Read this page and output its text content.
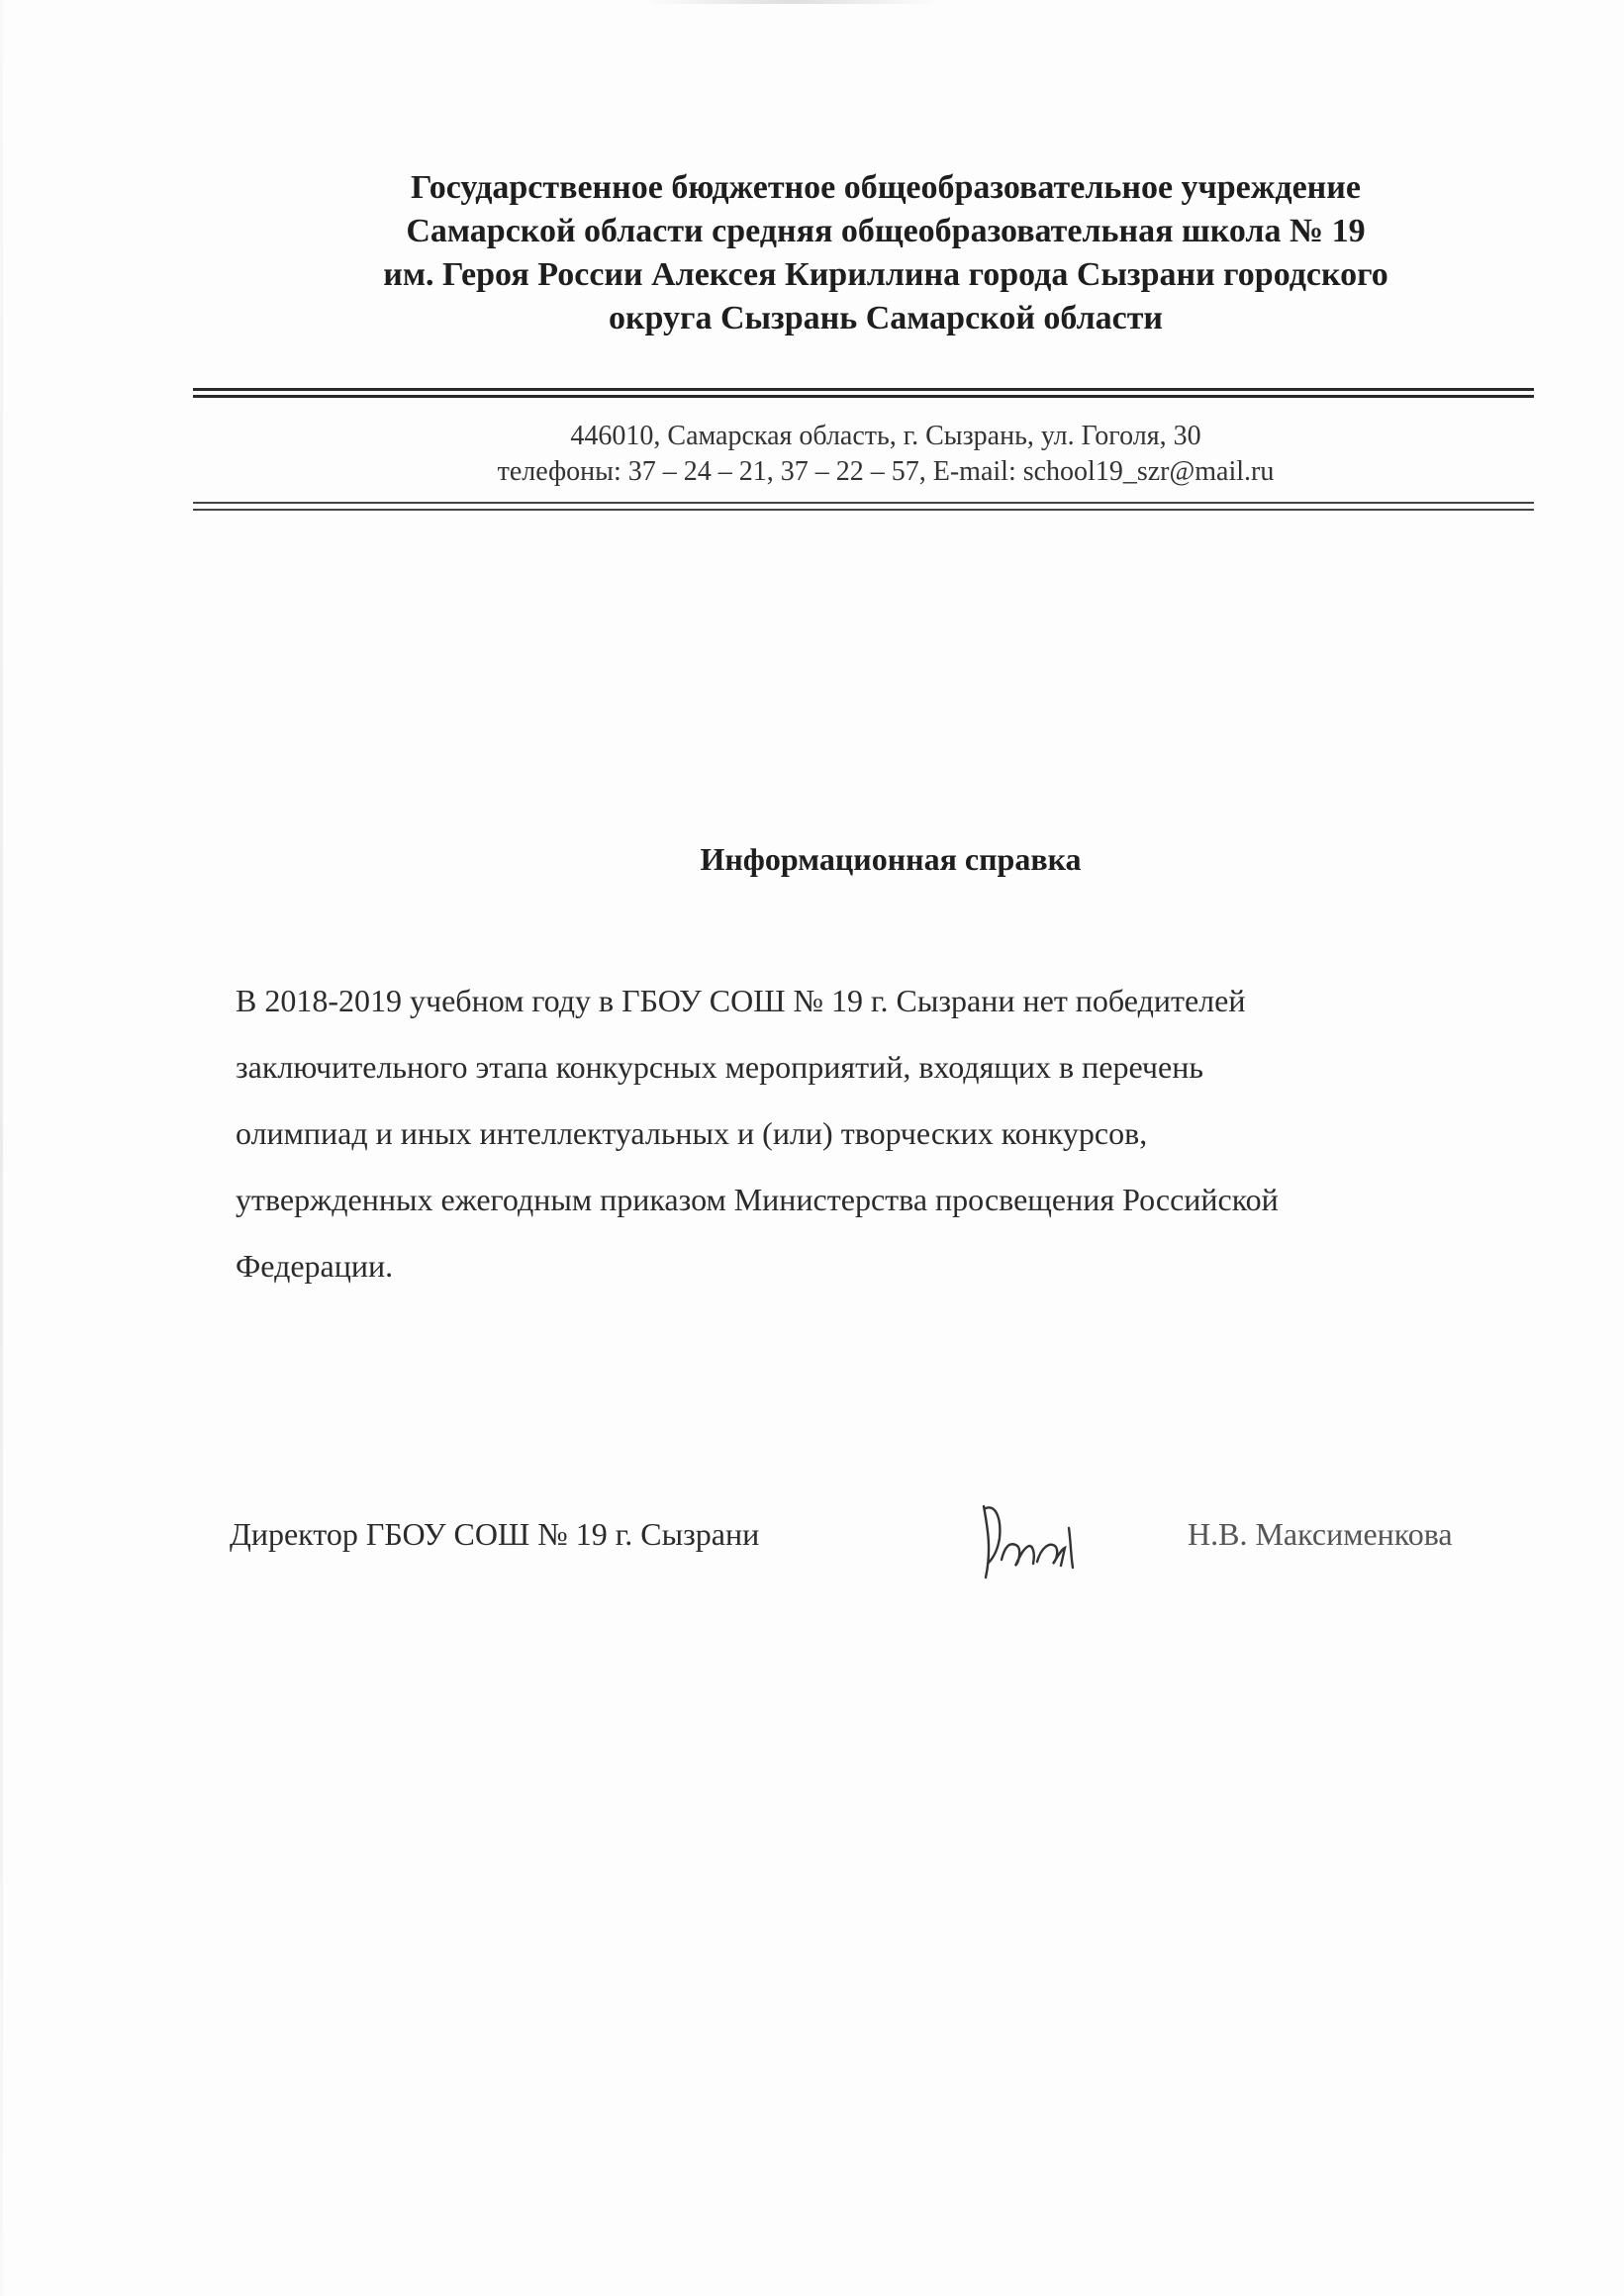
Государственное бюджетное общеобразовательное учреждение
Самарской области средняя общеобразовательная школа № 19
им. Героя России Алексея Кириллина города Сызрани городского
округа Сызрань Самарской области
446010, Самарская область, г. Сызрань, ул. Гоголя, 30
телефоны: 37 – 24 – 21, 37 – 22 – 57, E-mail: school19_szr@mail.ru
Информационная справка
В 2018-2019 учебном году в ГБОУ СОШ № 19 г. Сызрани нет победителей
заключительного этапа конкурсных мероприятий, входящих в перечень
олимпиад и иных интеллектуальных и (или) творческих конкурсов,
утвержденных ежегодным приказом Министерства просвещения Российской
Федерации.
Директор ГБОУ СОШ № 19 г. Сызрани	Н.В. Максименкова
